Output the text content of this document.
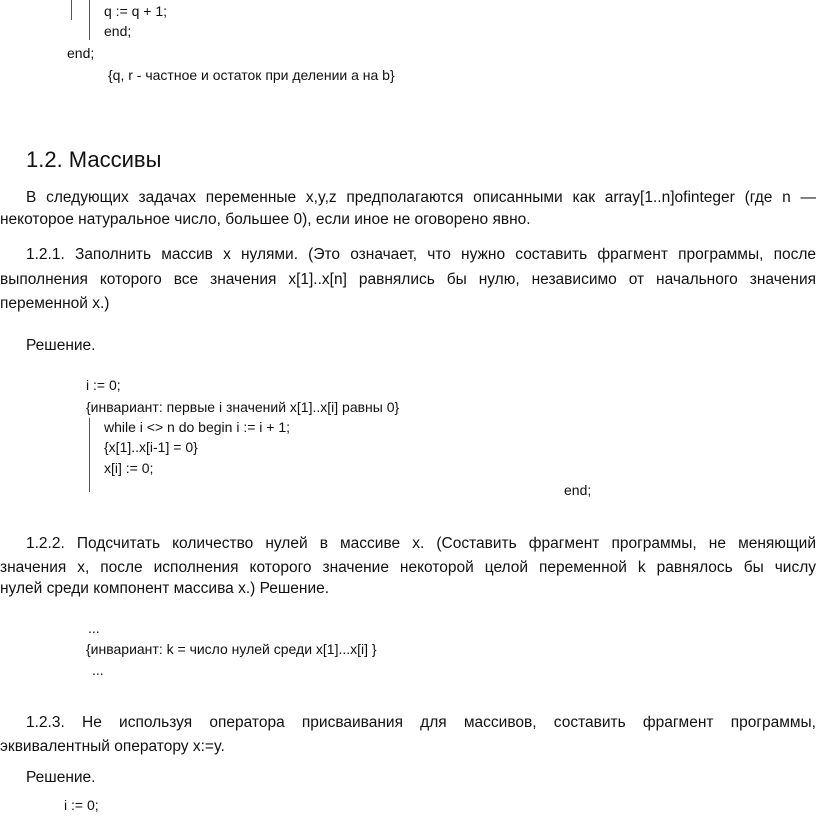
q := q + 1;
end;
end;
{q, r - частное и остаток при делении a на b}
1.2. Массивы
В следующих задачах переменные x,y,z предполагаются описанными как array[1..n]ofinteger (где n —
некоторое натуральное число, большее 0), если иное не оговорено явно.
1.2.1. Заполнить массив x нулями. (Это означает, что нужно составить фрагмент программы, после
выполнения которого все значения x[1]..x[n] равнялись бы нулю, независимо от начального значения
переменной x.)
Решение.
i := 0;
{инвариант: первые i значений x[1]..x[i] равны 0}
while i <> n do begin i := i + 1;
{x[1]..x[i-1] = 0}
x[i] := 0;
end;
1.2.2. Подсчитать количество нулей в массиве x. (Составить фрагмент программы, не меняющий
значения x, после исполнения которого значение некоторой целой переменной k равнялось бы числу
нулей среди компонент массива x.) Решение.
...
{инвариант: k = число нулей среди x[1]...x[i] }
...
1.2.3. Не используя оператора присваивания для массивов, составить фрагмент программы,
эквивалентный оператору x:=y.
Решение.
i := 0;
